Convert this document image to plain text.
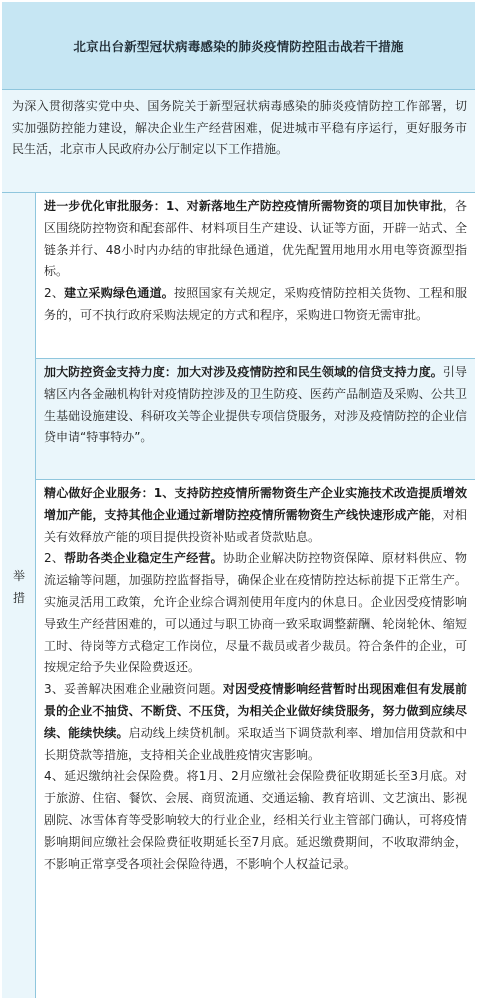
北京出台新型冠状病毒感染的肺炎疫情防控阻击战若干措施

为深入贯彻落实党中央、国务院关于新型冠状病毒感染的肺炎疫情防控工作部署，切实加强防控能力建设，解决企业生产经营困难，促进城市平稳有序运行，更好服务市民生活，北京市人民政府办公厅制定以下工作措施。

举
措

进一步优化审批服务：1、对新落地生产防控疫情所需物资的项目加快审批，各区围绕防控物资和配套部件、材料项目生产建设、认证等方面，开辟一站式、全链条并行、48小时内办结的审批绿色通道，优先配置用地用水用电等资源型指标。

2、建立采购绿色通道。按照国家有关规定，采购疫情防控相关货物、工程和服务的，可不执行政府采购法规定的方式和程序，采购进口物资无需审批。

加大防控资金支持力度：加大对涉及疫情防控和民生领域的信贷支持力度。引导辖区内各金融机构针对疫情防控涉及的卫生防疫、医药产品制造及采购、公共卫生基础设施建设、科研攻关等企业提供专项信贷服务，对涉及疫情防控的企业信贷申请“特事特办”。

精心做好企业服务：1、支持防控疫情所需物资生产企业实施技术改造提质增效增加产能，支持其他企业通过新增防控疫情所需物资生产线快速形成产能，对相关有效释放产能的项目提供投资补贴或者贷款贴息。

2、帮助各类企业稳定生产经营。协助企业解决防控物资保障、原材料供应、物流运输等问题，加强防控监督指导，确保企业在疫情防控达标前提下正常生产。实施灵活用工政策，允许企业综合调剂使用年度内的休息日。企业因受疫情影响导致生产经营困难的，可以通过与职工协商一致采取调整薪酬、轮岗轮休、缩短工时、待岗等方式稳定工作岗位，尽量不裁员或者少裁员。符合条件的企业，可按规定给予失业保险费返还。

3、妥善解决困难企业融资问题。对因受疫情影响经营暂时出现困难但有发展前景的企业不抽贷、不断贷、不压贷，为相关企业做好续贷服务，努力做到应续尽续、能续快续。启动线上续贷机制。采取适当下调贷款利率、增加信用贷款和中长期贷款等措施，支持相关企业战胜疫情灾害影响。

4、延迟缴纳社会保险费。将1月、2月应缴社会保险费征收期延长至3月底。对于旅游、住宿、餐饮、会展、商贸流通、交通运输、教育培训、文艺演出、影视剧院、冰雪体育等受影响较大的行业企业，经相关行业主管部门确认，可将疫情影响期间应缴社会保险费征收期延长至7月底。延迟缴费期间，不收取滞纳金，不影响正常享受各项社会保险待遇，不影响个人权益记录。
